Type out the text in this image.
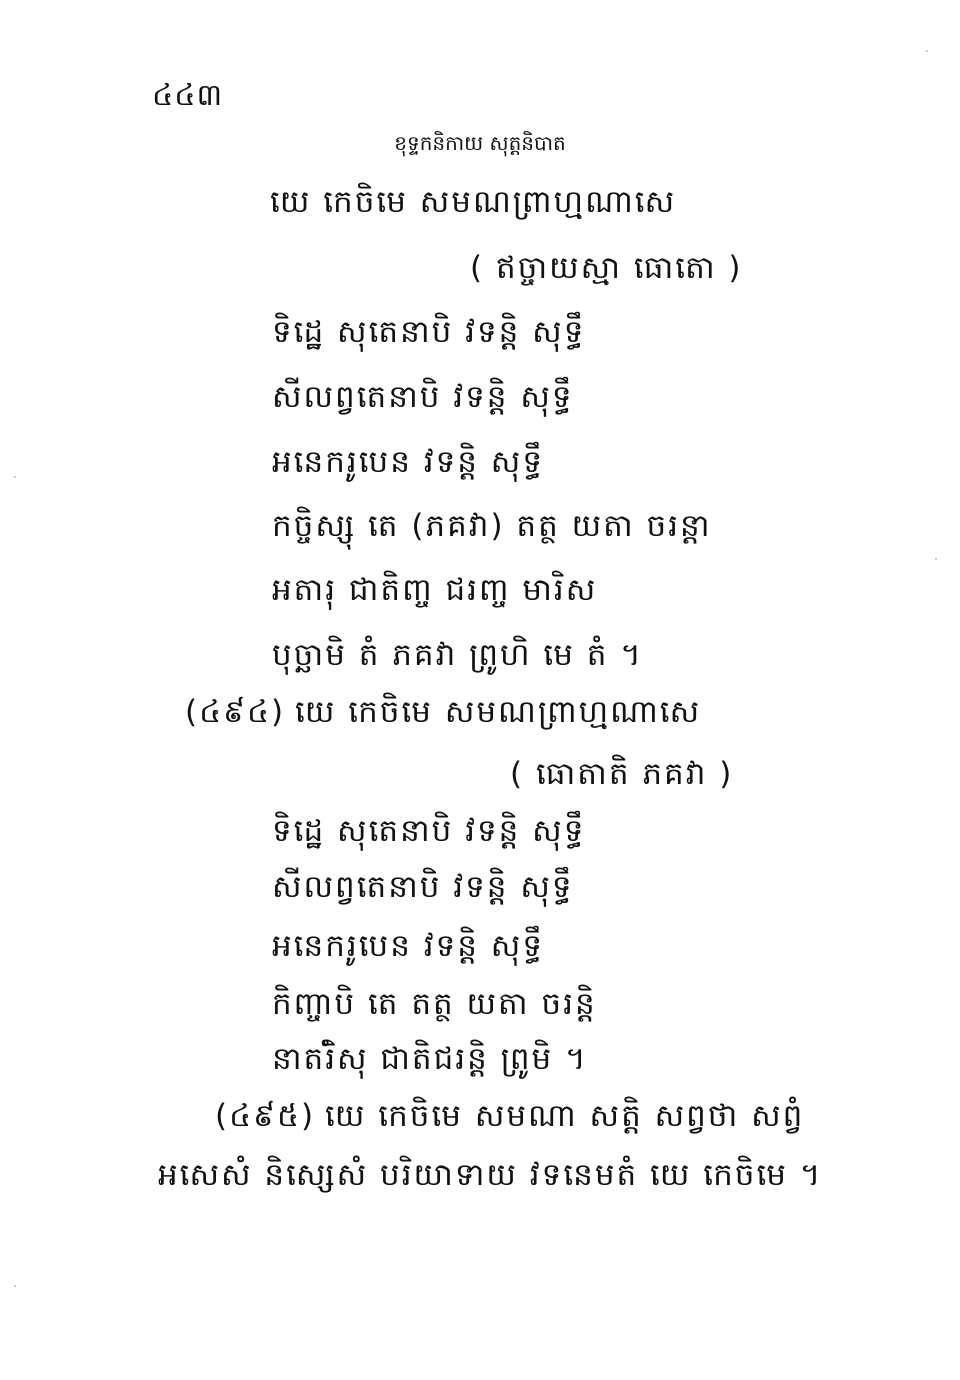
៤៤៣
ខុទ្ទកនិកាយ សុត្តនិបាត
យេ កេចិមេ សមណព្រាហ្មណាសេ
( ឥច្ចាយស្មា ធោតោ )
ទិដ្ឋេ សុតេនាបិ វទន្តិ សុទ្ធឹ
សីលព្វតេនាបិ វទន្តិ សុទ្ធឹ
អនេករូបេន វទន្តិ សុទ្ធឹ
កច្ចិស្សុ តេ (ភគវា) តត្ថ យតា ចរន្តា
អតារុ ជាតិញ្ច ជរញ្ច មារិស
បុច្ឆាមិ តំ ភគវា ព្រូហិ មេ តំ ។
(៤៩៤) យេ កេចិមេ សមណព្រាហ្មណាសេ
( ធោតាតិ ភគវា )
ទិដ្ឋេ សុតេនាបិ វទន្តិ សុទ្ធឹ
សីលព្វតេនាបិ វទន្តិ សុទ្ធឹ
អនេករូបេន វទន្តិ សុទ្ធឹ
កិញ្ចាបិ តេ តត្ថ យតា ចរន្តិ
នាតរិំសុ ជាតិជរន្តិ ព្រូមិ ។
(៤៩៥) យេ កេចិមេ សមណា សត្តិ សព្វថា សព្វំ
អសេសំ និស្សេសំ បរិយាទាយ វទនេមតំ យេ កេចិមេ ។
